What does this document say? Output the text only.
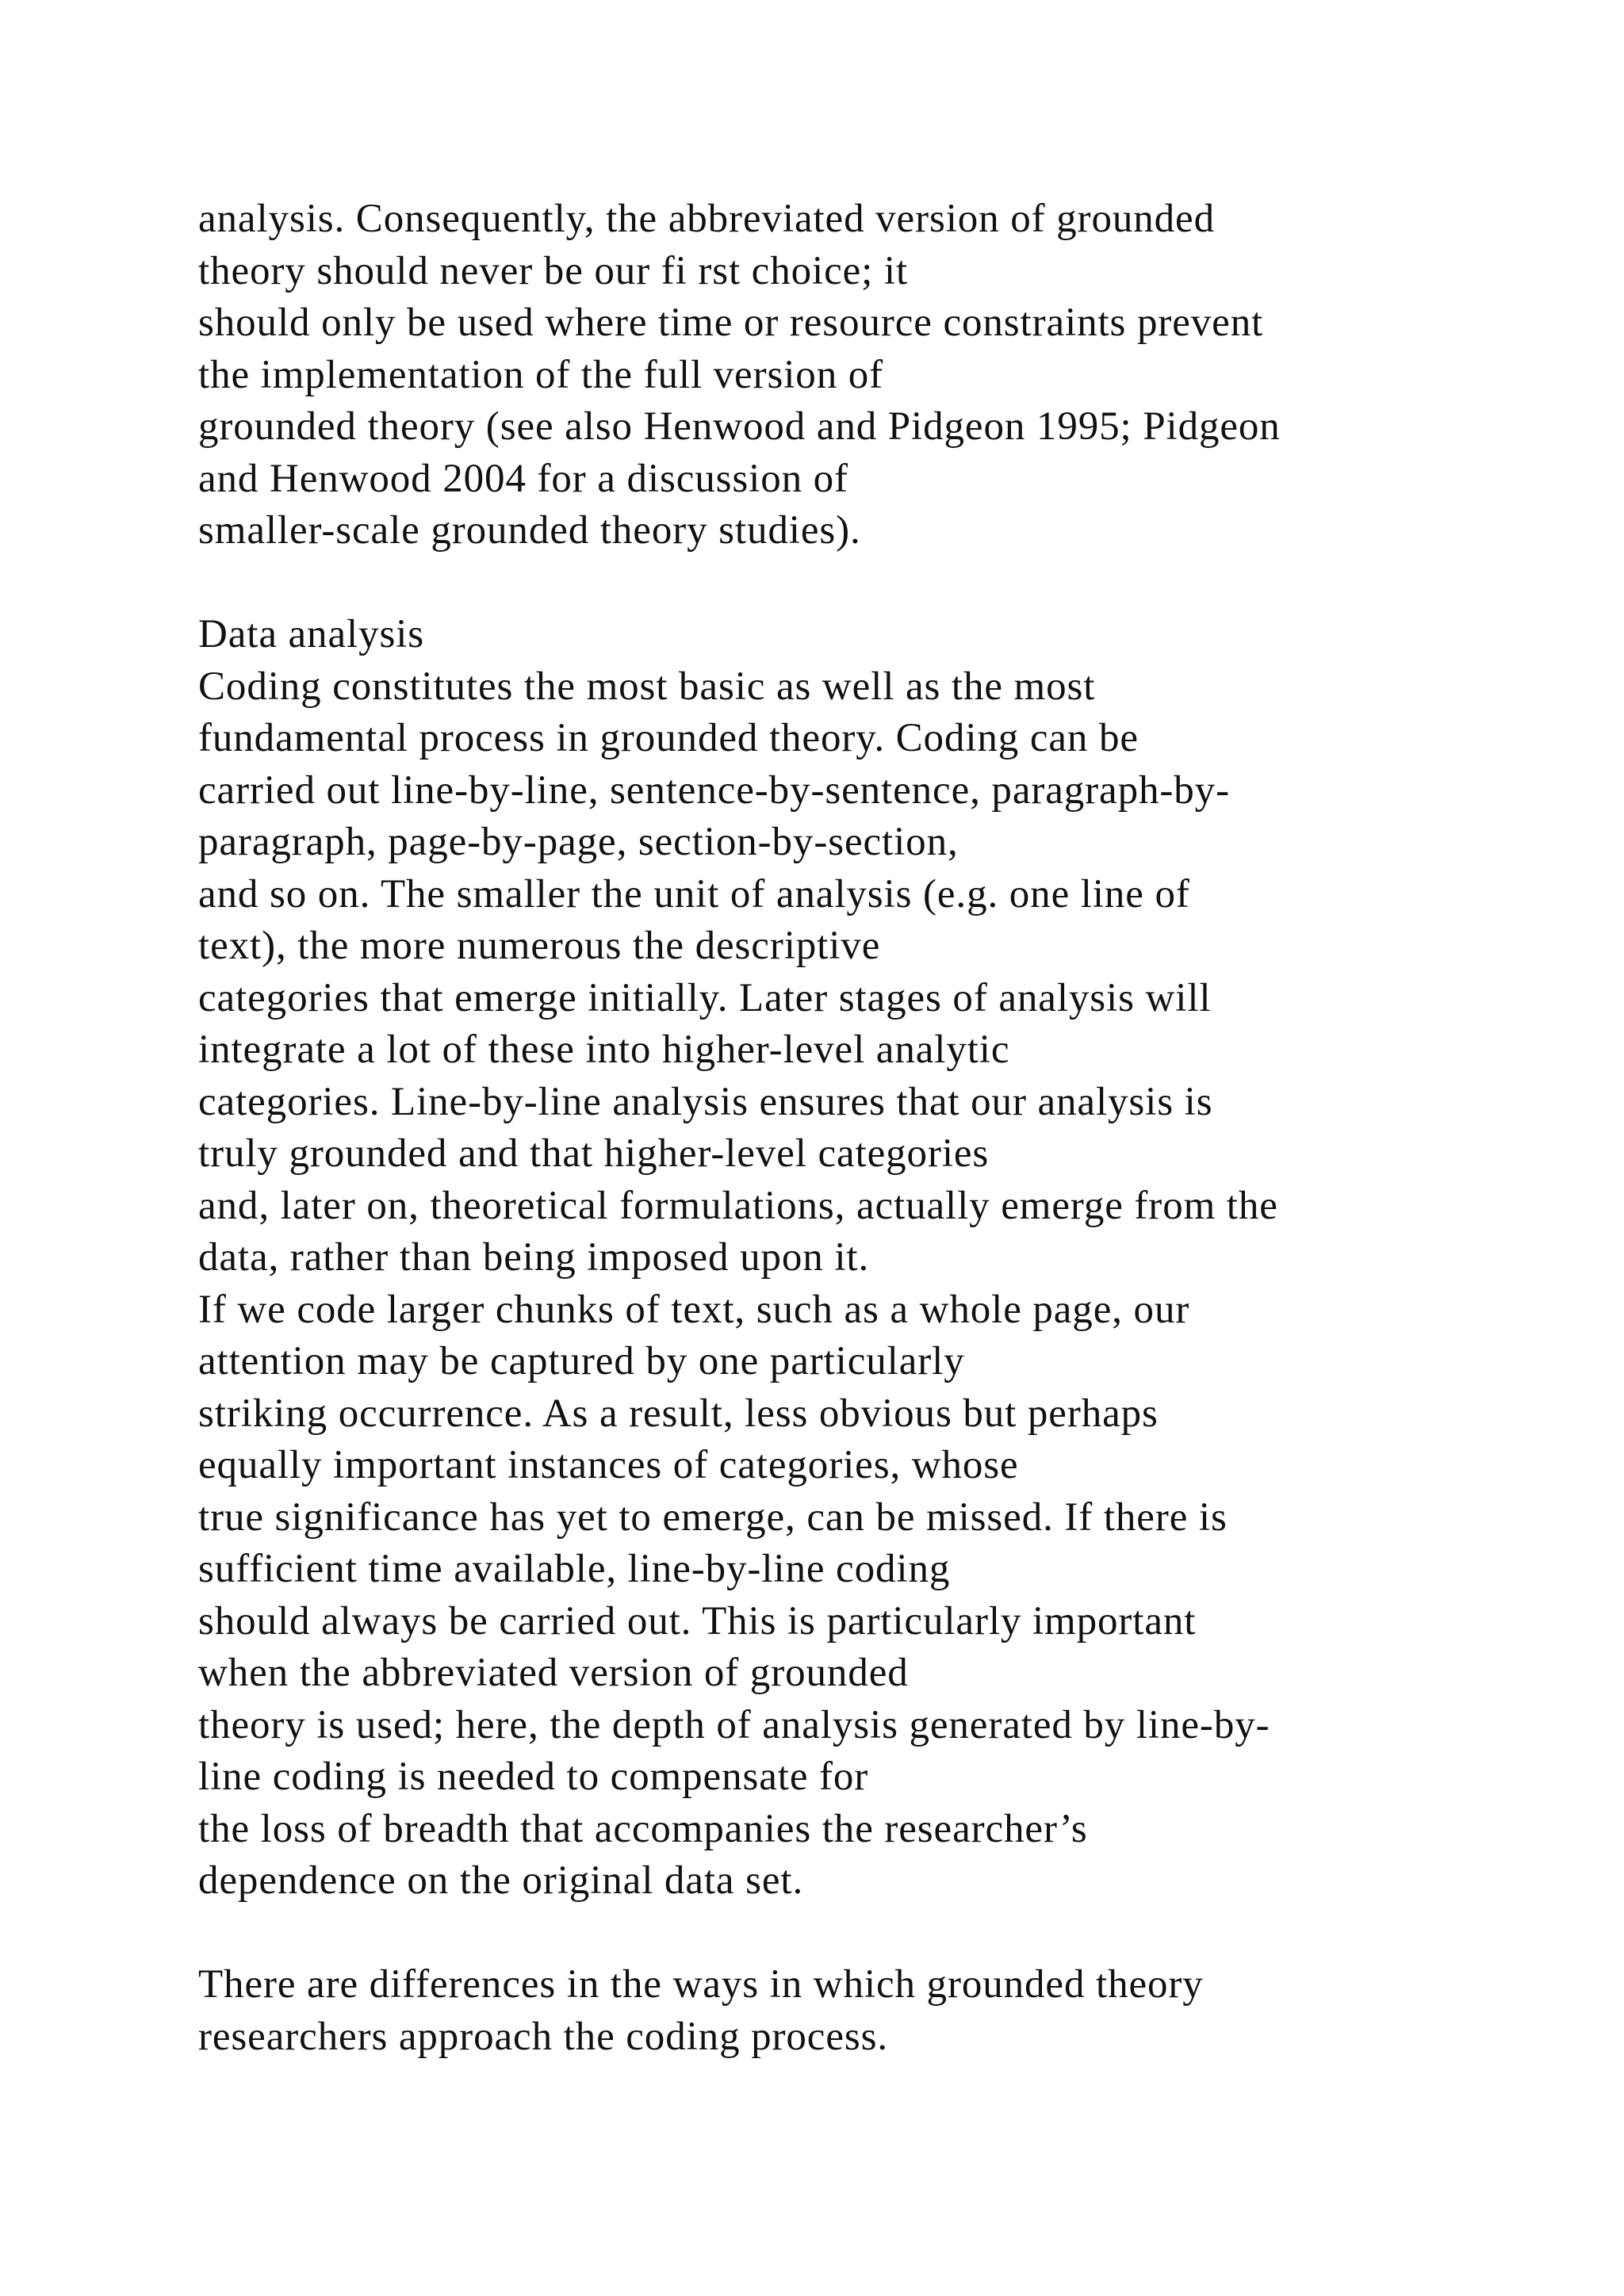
analysis. Consequently, the abbreviated version of grounded
theory should never be our fi rst choice; it
should only be used where time or resource constraints prevent
the implementation of the full version of
grounded theory (see also Henwood and Pidgeon 1995; Pidgeon
and Henwood 2004 for a discussion of
smaller-scale grounded theory studies).
Data analysis
Coding constitutes the most basic as well as the most
fundamental process in grounded theory. Coding can be
carried out line-by-line, sentence-by-sentence, paragraph-by-
paragraph, page-by-page, section-by-section,
and so on. The smaller the unit of analysis (e.g. one line of
text), the more numerous the descriptive
categories that emerge initially. Later stages of analysis will
integrate a lot of these into higher-level analytic
categories. Line-by-line analysis ensures that our analysis is
truly grounded and that higher-level categories
and, later on, theoretical formulations, actually emerge from the
data, rather than being imposed upon it.
If we code larger chunks of text, such as a whole page, our
attention may be captured by one particularly
striking occurrence. As a result, less obvious but perhaps
equally important instances of categories, whose
true significance has yet to emerge, can be missed. If there is
sufficient time available, line-by-line coding
should always be carried out. This is particularly important
when the abbreviated version of grounded
theory is used; here, the depth of analysis generated by line-by-
line coding is needed to compensate for
the loss of breadth that accompanies the researcher’s
dependence on the original data set.
There are differences in the ways in which grounded theory
researchers approach the coding process.
